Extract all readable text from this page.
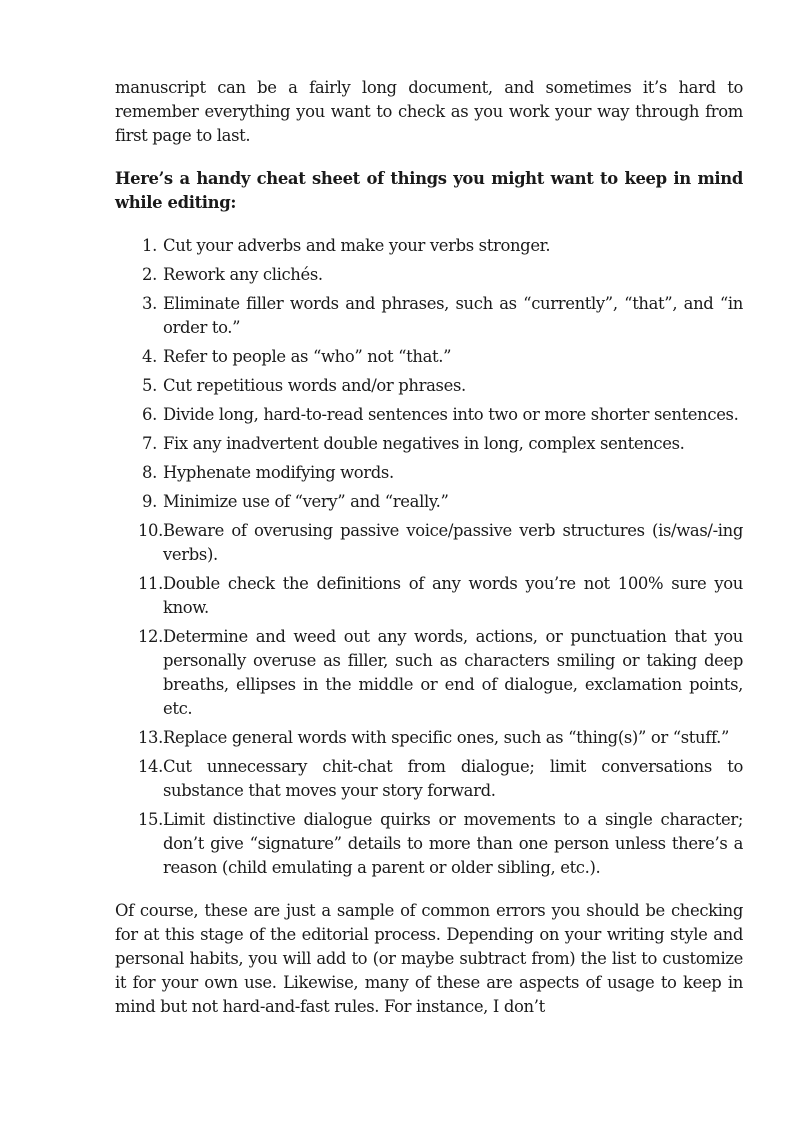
manuscript can be a fairly long document, and sometimes it’s hard to remember everything you want to check as you work your way through from first page to last.

Here’s a handy cheat sheet of things you might want to keep in mind while editing:

1. Cut your adverbs and make your verbs stronger.
2. Rework any clichés.
3. Eliminate filler words and phrases, such as “currently”, “that”, and “in order to.”
4. Refer to people as “who” not “that.”
5. Cut repetitious words and/or phrases.
6. Divide long, hard-to-read sentences into two or more shorter sentences.
7. Fix any inadvertent double negatives in long, complex sentences.
8. Hyphenate modifying words.
9. Minimize use of “very” and “really.”
10. Beware of overusing passive voice/passive verb structures (is/was/-ing verbs).
11. Double check the definitions of any words you’re not 100% sure you know.
12. Determine and weed out any words, actions, or punctuation that you personally overuse as filler, such as characters smiling or taking deep breaths, ellipses in the middle or end of dialogue, exclamation points, etc.
13. Replace general words with specific ones, such as “thing(s)” or “stuff.”
14. Cut unnecessary chit-chat from dialogue; limit conversations to substance that moves your story forward.
15. Limit distinctive dialogue quirks or movements to a single character; don’t give “signature” details to more than one person unless there’s a reason (child emulating a parent or older sibling, etc.).

Of course, these are just a sample of common errors you should be checking for at this stage of the editorial process. Depending on your writing style and personal habits, you will add to (or maybe subtract from) the list to customize it for your own use. Likewise, many of these are aspects of usage to keep in mind but not hard-and-fast rules. For instance, I don’t
